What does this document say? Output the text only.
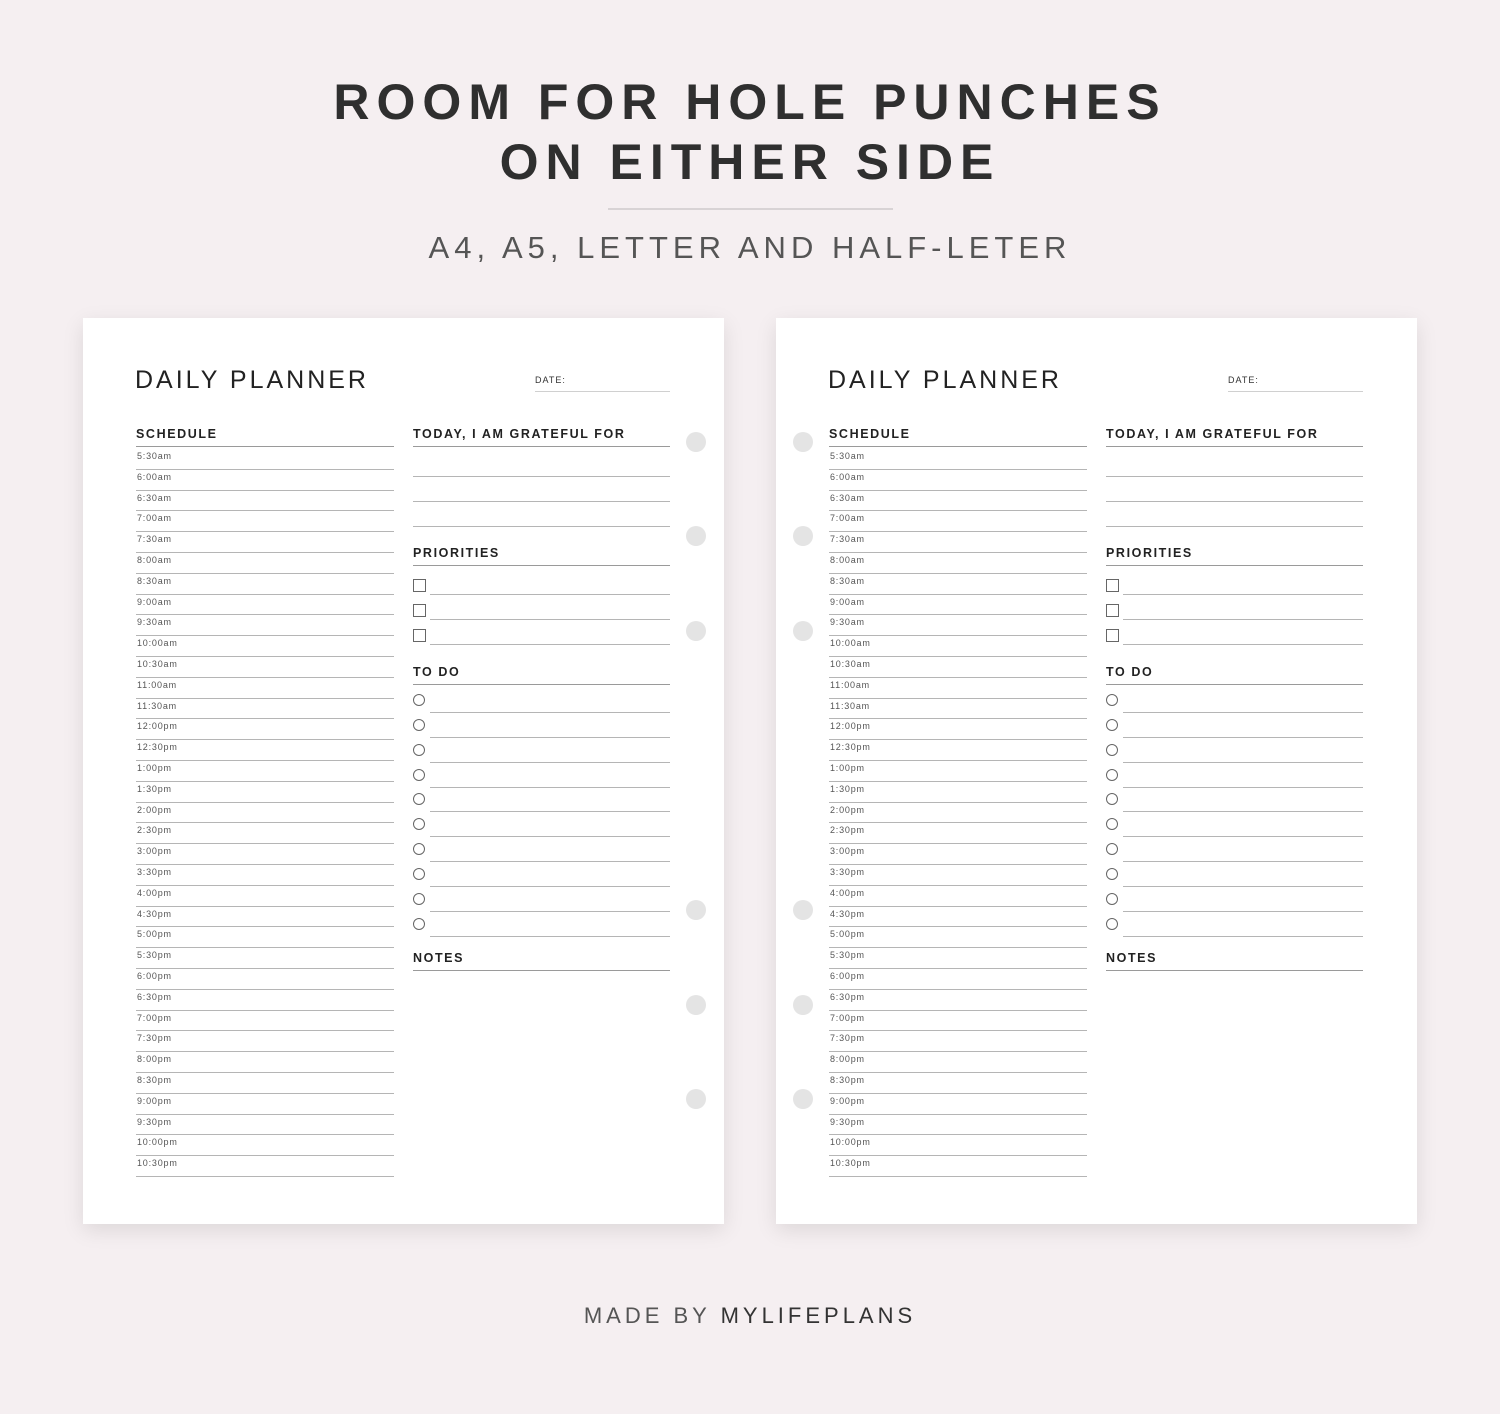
ROOM FOR HOLE PUNCHES
ON EITHER SIDE
A4, A5, LETTER AND HALF-LETER
DAILY PLANNER	DATE:
SCHEDULE
5:30am
6:00am
6:30am
7:00am
7:30am
8:00am
8:30am
9:00am
9:30am
10:00am
10:30am
11:00am
11:30am
12:00pm
12:30pm
1:00pm
1:30pm
2:00pm
2:30pm
3:00pm
3:30pm
4:00pm
4:30pm
5:00pm
5:30pm
6:00pm
6:30pm
7:00pm
7:30pm
8:00pm
8:30pm
9:00pm
9:30pm
10:00pm
10:30pm
TODAY, I AM GRATEFUL FOR
PRIORITIES
TO DO
NOTES
DAILY PLANNER	DATE:
SCHEDULE
5:30am
6:00am
6:30am
7:00am
7:30am
8:00am
8:30am
9:00am
9:30am
10:00am
10:30am
11:00am
11:30am
12:00pm
12:30pm
1:00pm
1:30pm
2:00pm
2:30pm
3:00pm
3:30pm
4:00pm
4:30pm
5:00pm
5:30pm
6:00pm
6:30pm
7:00pm
7:30pm
8:00pm
8:30pm
9:00pm
9:30pm
10:00pm
10:30pm
TODAY, I AM GRATEFUL FOR
PRIORITIES
TO DO
NOTES
MADE BY MYLIFEPLANS
